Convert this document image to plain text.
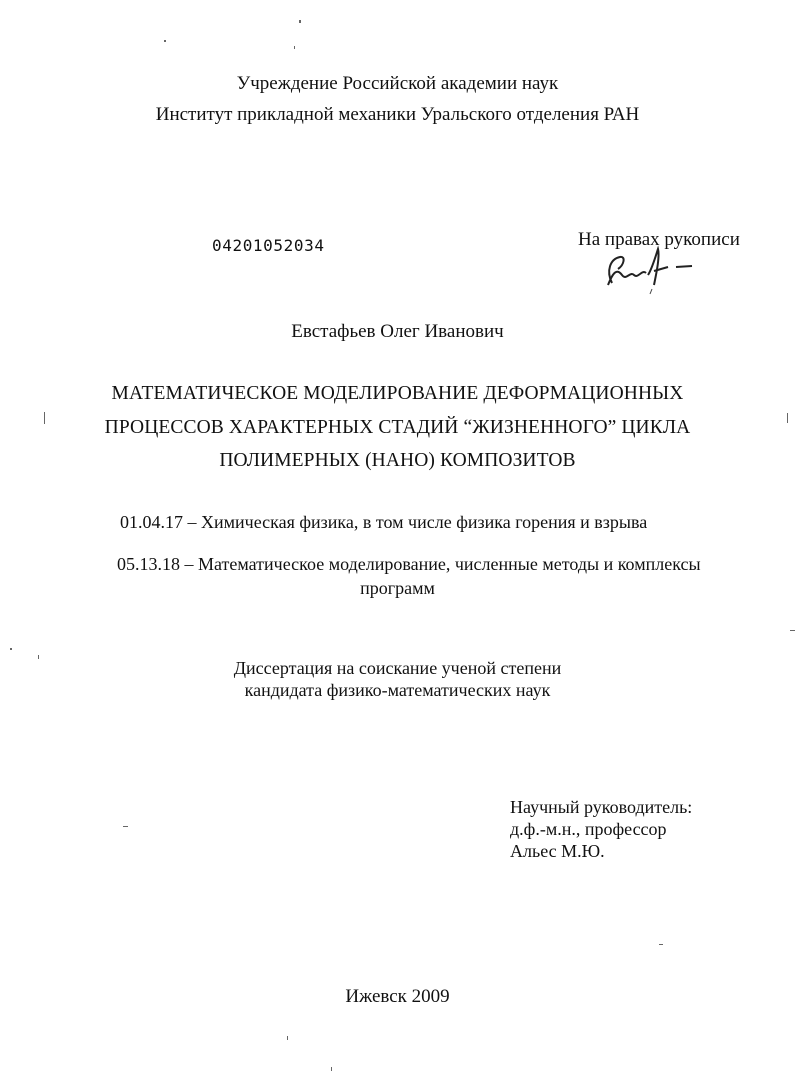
Учреждение Российской академии наук
Институт прикладной механики Уральского отделения РАН
04201052034	На правах рукописи
Евстафьев Олег Иванович
МАТЕМАТИЧЕСКОЕ МОДЕЛИРОВАНИЕ ДЕФОРМАЦИОННЫХ
ПРОЦЕССОВ ХАРАКТЕРНЫХ СТАДИЙ “ЖИЗНЕННОГО” ЦИКЛА
ПОЛИМЕРНЫХ (НАНО) КОМПОЗИТОВ
01.04.17 – Химическая физика, в том числе физика горения и взрыва
05.13.18 – Математическое моделирование, численные методы и комплексы
программ
Диссертация на соискание ученой степени
кандидата физико-математических наук
Научный руководитель:
д.ф.-м.н., профессор
Альес М.Ю.
Ижевск 2009
